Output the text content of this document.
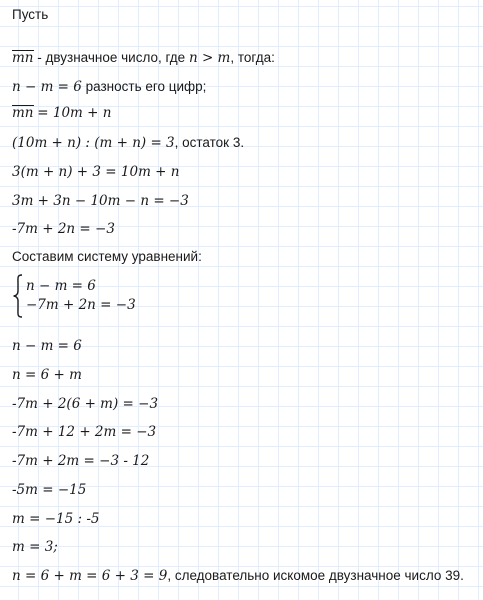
Пусть
mn - двузначное число, где n > m, тогда:
n − m = 6 разность его цифр;
mn = 10m + n
(10m + n) : (m + n) = 3, остаток 3.
3(m + n) + 3 = 10m + n
3m + 3n − 10m − n = −3
-7m + 2n = −3
Составим систему уравнений:
n − m = 6
−7m + 2n = −3
n − m = 6
n = 6 + m
-7m + 2(6 + m) = −3
-7m + 12 + 2m = −3
-7m + 2m = −3 - 12
-5m = −15
m = −15 : -5
m = 3;
n = 6 + m = 6 + 3 = 9, следовательно искомое двузначное число 39.
